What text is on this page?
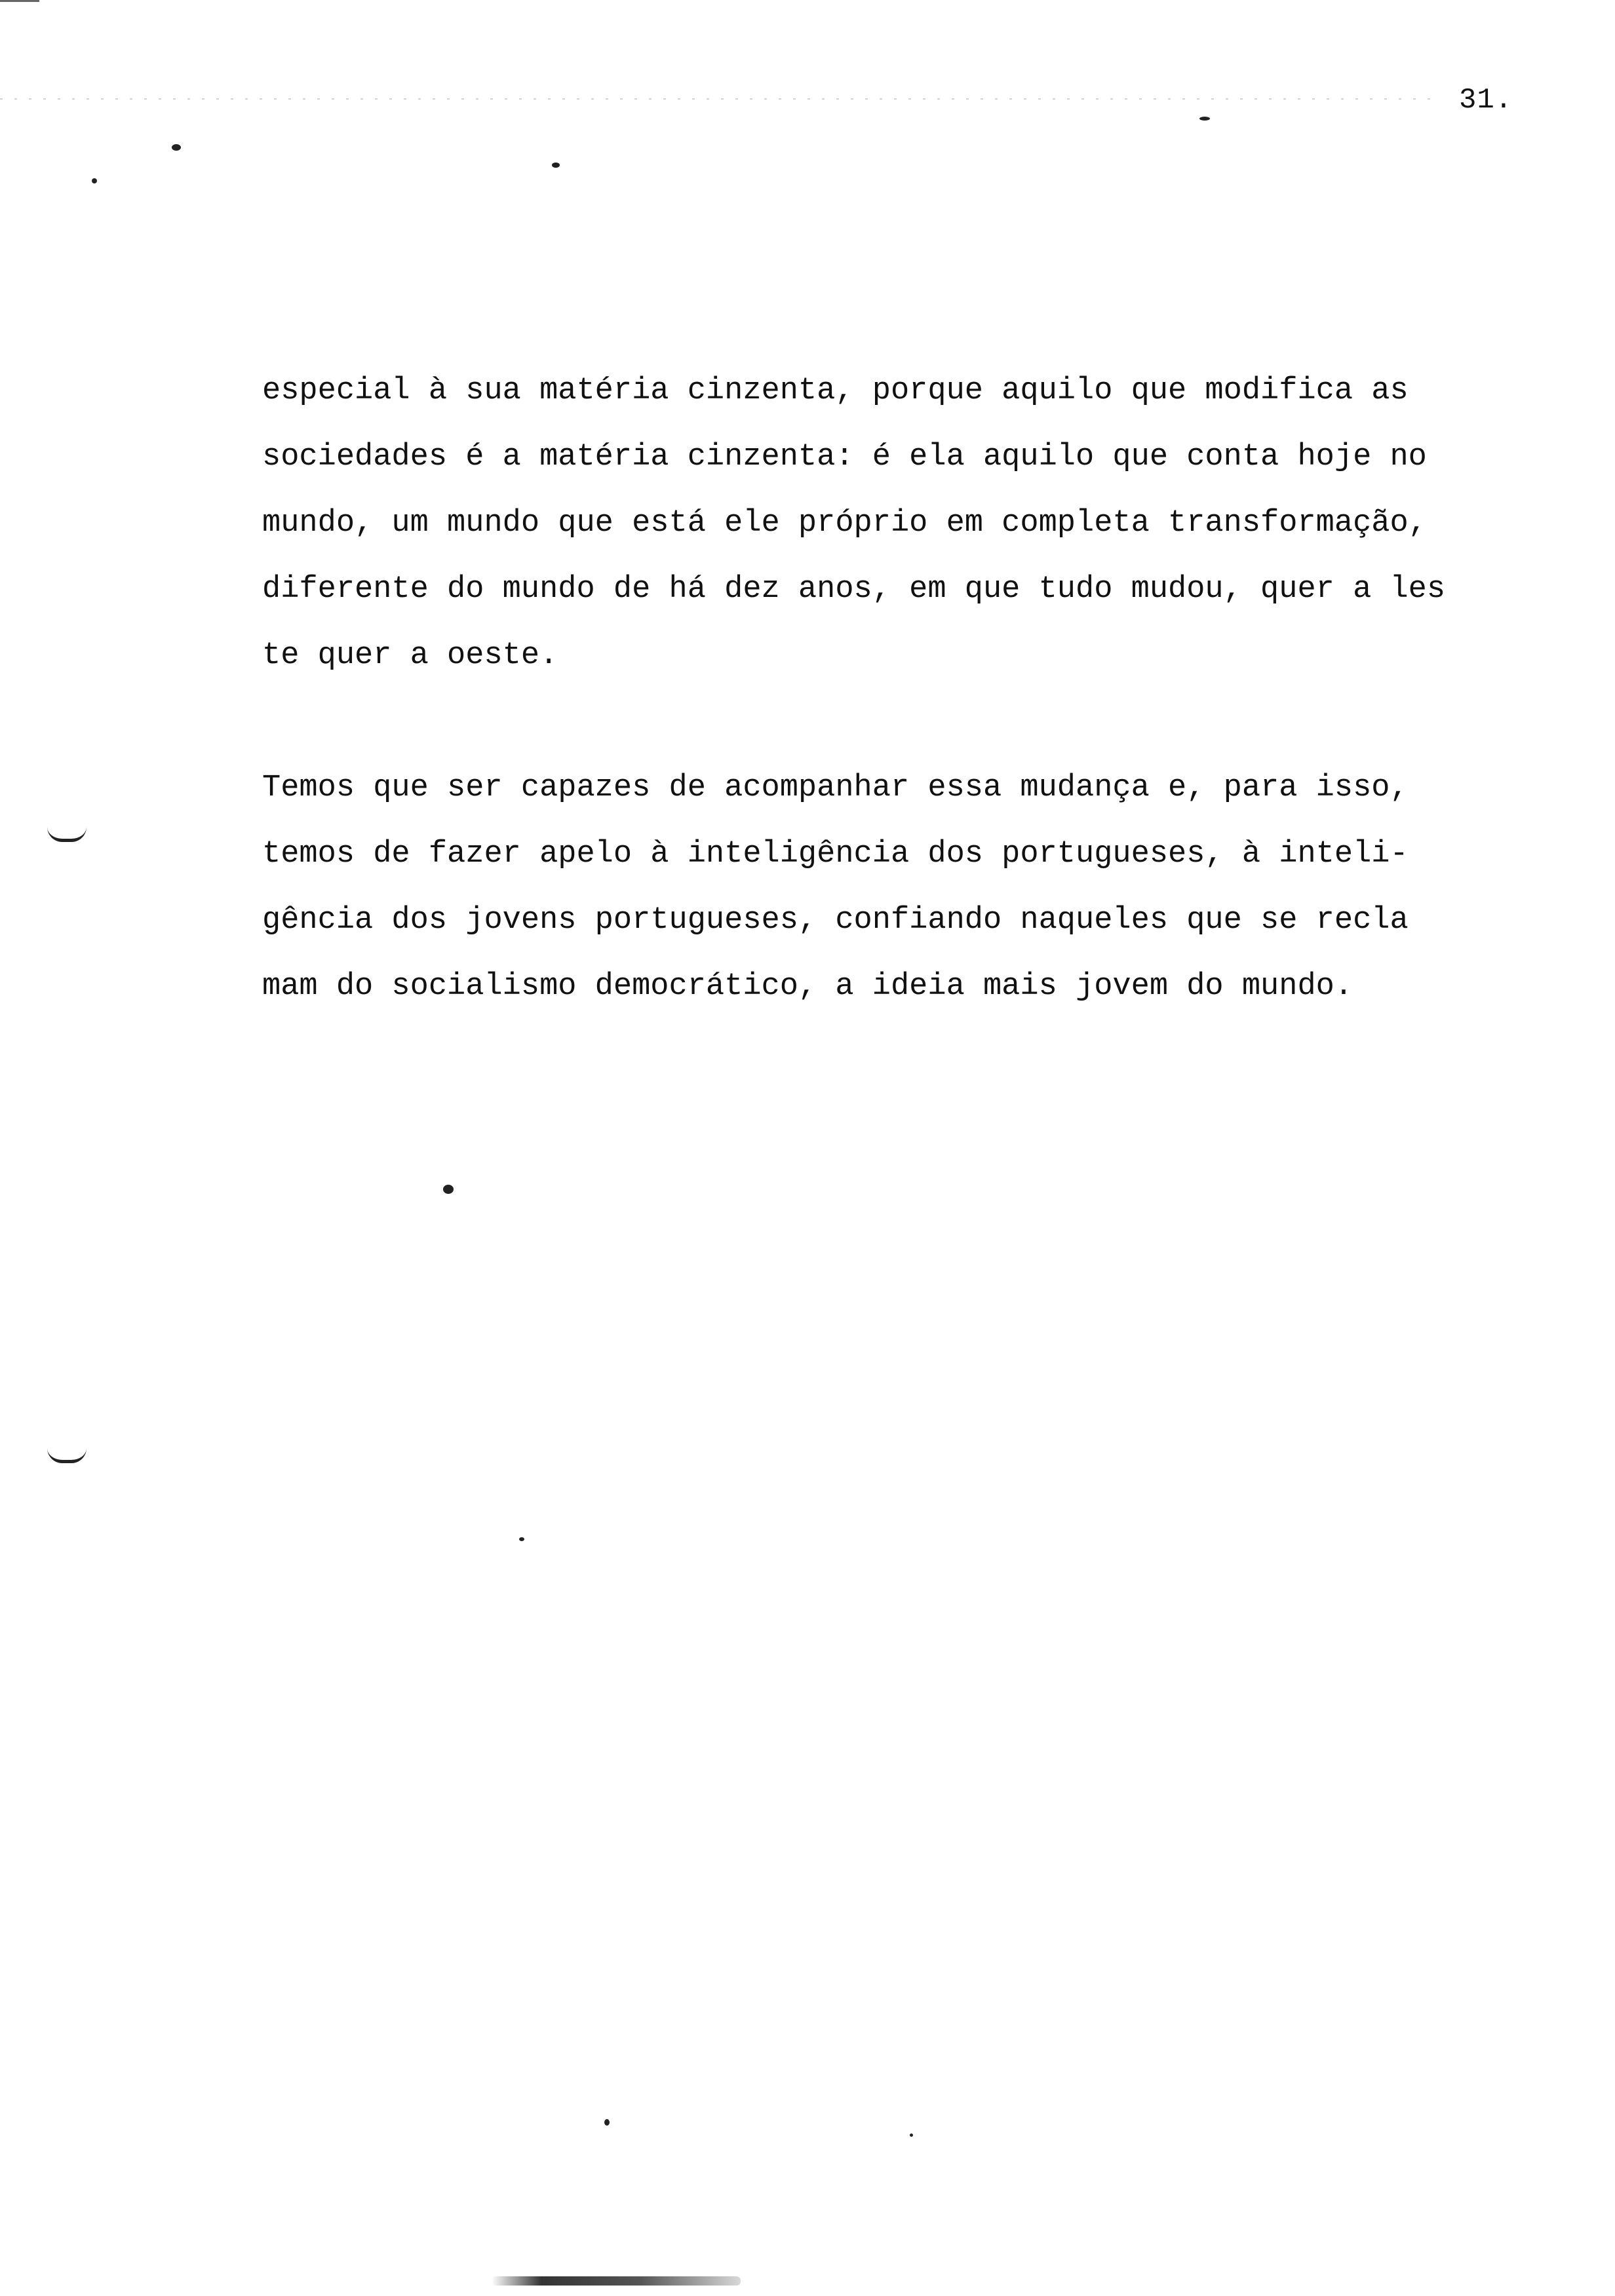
31.
especial à sua matéria cinzenta, porque aquilo que modifica as
sociedades é a matéria cinzenta: é ela aquilo que conta hoje no
mundo, um mundo que está ele próprio em completa transformação,
diferente do mundo de há dez anos, em que tudo mudou, quer a les
te quer a oeste.
Temos que ser capazes de acompanhar essa mudança e, para isso,
temos de fazer apelo à inteligência dos portugueses, à inteli-
gência dos jovens portugueses, confiando naqueles que se recla
mam do socialismo democrático, a ideia mais jovem do mundo.
